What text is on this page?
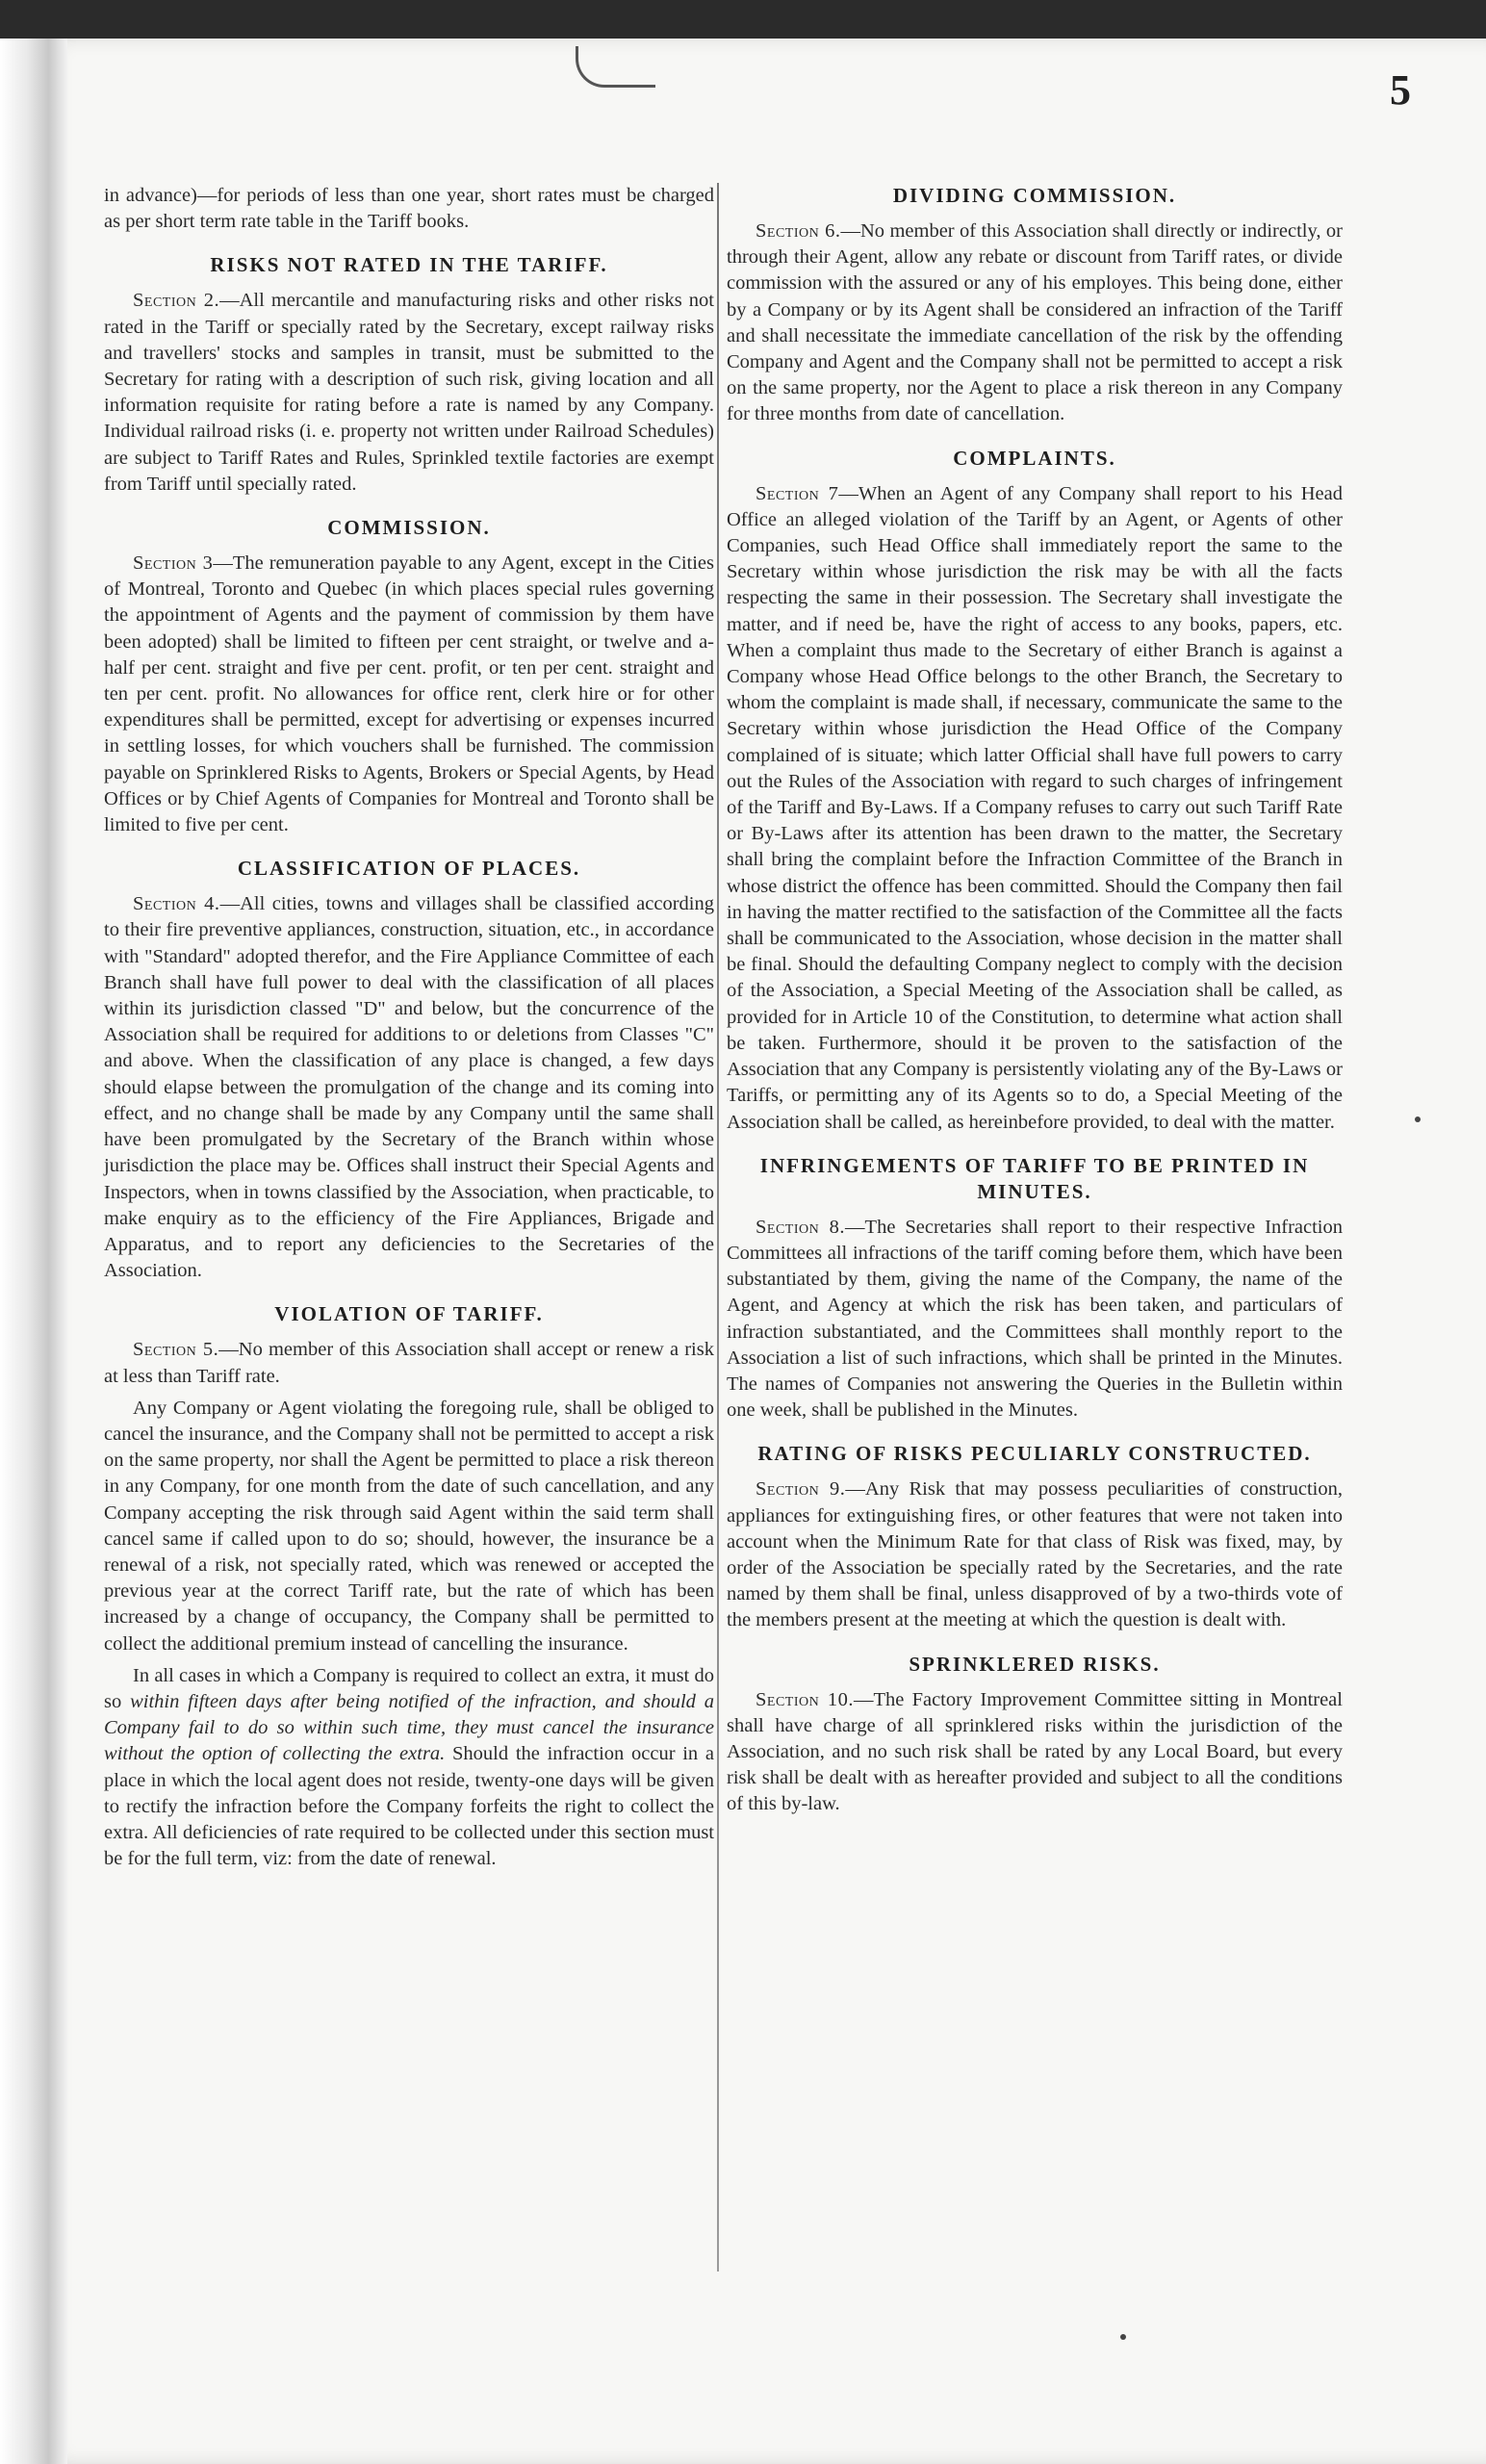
5

in advance)—for periods of less than one year, short rates must be charged as per short term rate table in the Tariff books.

RISKS NOT RATED IN THE TARIFF.

Section 2.—All mercantile and manufacturing risks and other risks not rated in the Tariff or specially rated by the Secretary, except railway risks and travellers' stocks and samples in transit, must be submitted to the Secretary for rating with a description of such risk, giving location and all information requisite for rating before a rate is named by any Company. Individual railroad risks (i. e. property not written under Railroad Schedules) are subject to Tariff Rates and Rules, Sprinkled textile factories are exempt from Tariff until specially rated.

COMMISSION.

Section 3—The remuneration payable to any Agent, except in the Cities of Montreal, Toronto and Quebec (in which places special rules governing the appointment of Agents and the payment of commission by them have been adopted) shall be limited to fifteen per cent straight, or twelve and a-half per cent. straight and five per cent. profit, or ten per cent. straight and ten per cent. profit. No allowances for office rent, clerk hire or for other expenditures shall be permitted, except for advertising or expenses incurred in settling losses, for which vouchers shall be furnished. The commission payable on Sprinklered Risks to Agents, Brokers or Special Agents, by Head Offices or by Chief Agents of Companies for Montreal and Toronto shall be limited to five per cent.

CLASSIFICATION OF PLACES.

Section 4.—All cities, towns and villages shall be classified according to their fire preventive appliances, construction, situation, etc., in accordance with "Standard" adopted therefor, and the Fire Appliance Committee of each Branch shall have full power to deal with the classification of all places within its jurisdiction classed "D" and below, but the concurrence of the Association shall be required for additions to or deletions from Classes "C" and above. When the classification of any place is changed, a few days should elapse between the promulgation of the change and its coming into effect, and no change shall be made by any Company until the same shall have been promulgated by the Secretary of the Branch within whose jurisdiction the place may be. Offices shall instruct their Special Agents and Inspectors, when in towns classified by the Association, when practicable, to make enquiry as to the efficiency of the Fire Appliances, Brigade and Apparatus, and to report any deficiencies to the Secretaries of the Association.

VIOLATION OF TARIFF.

Section 5.—No member of this Association shall accept or renew a risk at less than Tariff rate.

Any Company or Agent violating the foregoing rule, shall be obliged to cancel the insurance, and the Company shall not be permitted to accept a risk on the same property, nor shall the Agent be permitted to place a risk thereon in any Company, for one month from the date of such cancellation, and any Company accepting the risk through said Agent within the said term shall cancel same if called upon to do so; should, however, the insurance be a renewal of a risk, not specially rated, which was renewed or accepted the previous year at the correct Tariff rate, but the rate of which has been increased by a change of occupancy, the Company shall be permitted to collect the additional premium instead of cancelling the insurance.

In all cases in which a Company is required to collect an extra, it must do so within fifteen days after being notified of the infraction, and should a Company fail to do so within such time, they must cancel the insurance without the option of collecting the extra. Should the infraction occur in a place in which the local agent does not reside, twenty-one days will be given to rectify the infraction before the Company forfeits the right to collect the extra. All deficiencies of rate required to be collected under this section must be for the full term, viz: from the date of renewal.

DIVIDING COMMISSION.

Section 6.—No member of this Association shall directly or indirectly, or through their Agent, allow any rebate or discount from Tariff rates, or divide commission with the assured or any of his employes. This being done, either by a Company or by its Agent shall be considered an infraction of the Tariff and shall necessitate the immediate cancellation of the risk by the offending Company and Agent and the Company shall not be permitted to accept a risk on the same property, nor the Agent to place a risk thereon in any Company for three months from date of cancellation.

COMPLAINTS.

Section 7—When an Agent of any Company shall report to his Head Office an alleged violation of the Tariff by an Agent, or Agents of other Companies, such Head Office shall immediately report the same to the Secretary within whose jurisdiction the risk may be with all the facts respecting the same in their possession. The Secretary shall investigate the matter, and if need be, have the right of access to any books, papers, etc. When a complaint thus made to the Secretary of either Branch is against a Company whose Head Office belongs to the other Branch, the Secretary to whom the complaint is made shall, if necessary, communicate the same to the Secretary within whose jurisdiction the Head Office of the Company complained of is situate; which latter Official shall have full powers to carry out the Rules of the Association with regard to such charges of infringement of the Tariff and By-Laws. If a Company refuses to carry out such Tariff Rate or By-Laws after its attention has been drawn to the matter, the Secretary shall bring the complaint before the Infraction Committee of the Branch in whose district the offence has been committed. Should the Company then fail in having the matter rectified to the satisfaction of the Committee all the facts shall be communicated to the Association, whose decision in the matter shall be final. Should the defaulting Company neglect to comply with the decision of the Association, a Special Meeting of the Association shall be called, as provided for in Article 10 of the Constitution, to determine what action shall be taken. Furthermore, should it be proven to the satisfaction of the Association that any Company is persistently violating any of the By-Laws or Tariffs, or permitting any of its Agents so to do, a Special Meeting of the Association shall be called, as hereinbefore provided, to deal with the matter.

INFRINGEMENTS OF TARIFF TO BE PRINTED IN MINUTES.

Section 8.—The Secretaries shall report to their respective Infraction Committees all infractions of the tariff coming before them, which have been substantiated by them, giving the name of the Company, the name of the Agent, and Agency at which the risk has been taken, and particulars of infraction substantiated, and the Committees shall monthly report to the Association a list of such infractions, which shall be printed in the Minutes. The names of Companies not answering the Queries in the Bulletin within one week, shall be published in the Minutes.

RATING OF RISKS PECULIARLY CONSTRUCTED.

Section 9.—Any Risk that may possess peculiarities of construction, appliances for extinguishing fires, or other features that were not taken into account when the Minimum Rate for that class of Risk was fixed, may, by order of the Association be specially rated by the Secretaries, and the rate named by them shall be final, unless disapproved of by a two-thirds vote of the members present at the meeting at which the question is dealt with.

SPRINKLERED RISKS.

Section 10.—The Factory Improvement Committee sitting in Montreal shall have charge of all sprinklered risks within the jurisdiction of the Association, and no such risk shall be rated by any Local Board, but every risk shall be dealt with as hereafter provided and subject to all the conditions of this by-law.
